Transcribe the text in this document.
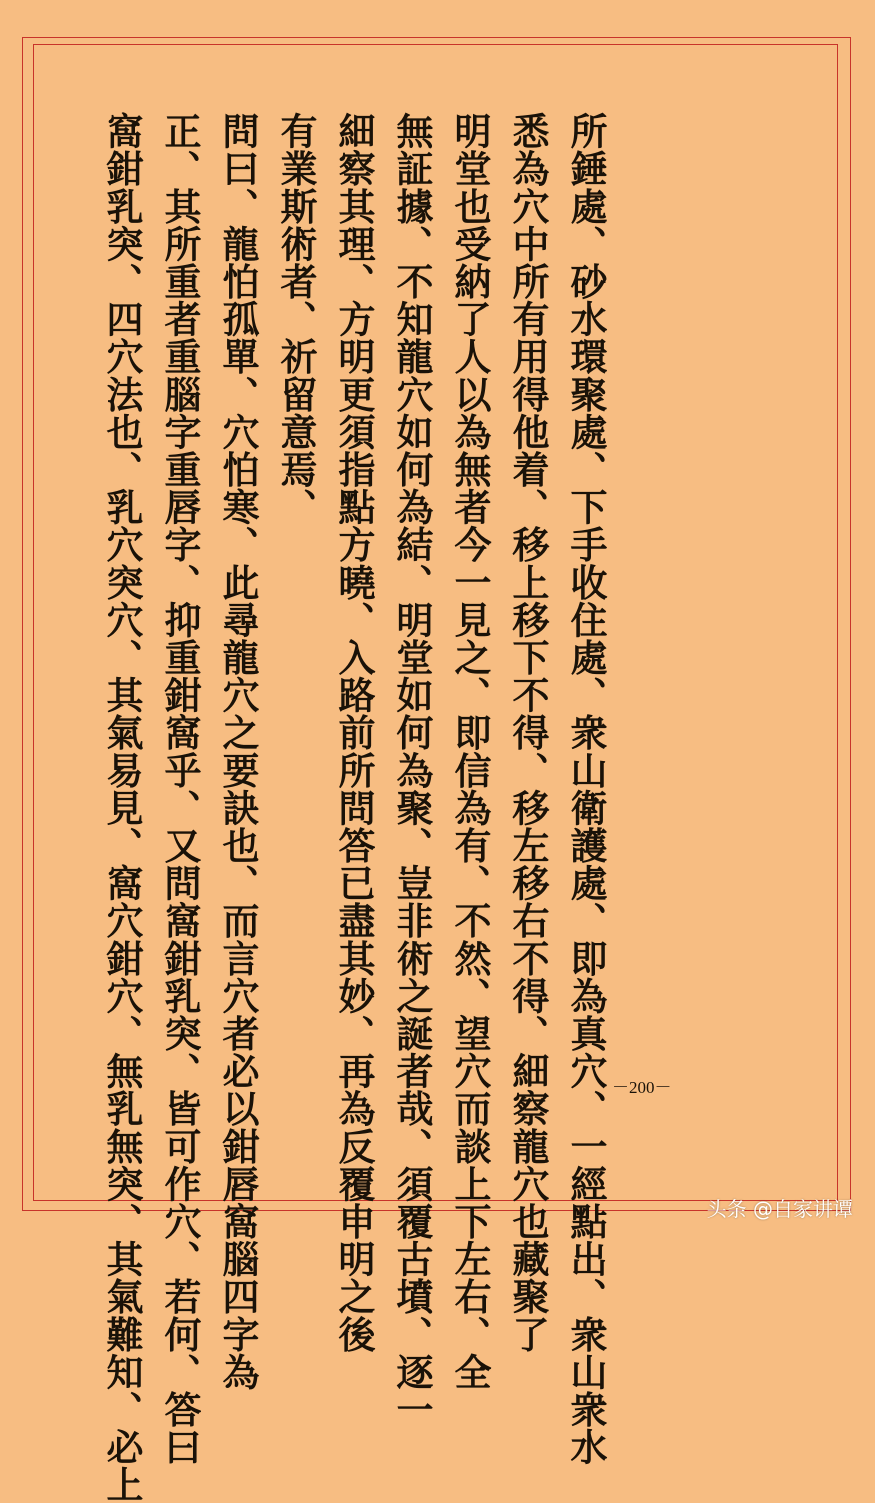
所錘處、砂水環聚處、下手收住處、衆山衛護處、即為真穴、一經點出、衆山衆水
悉為穴中所有用得他着、移上移下不得、移左移右不得、細察龍穴也藏聚了
明堂也受納了人以為無者今一見之、即信為有、不然、望穴而談上下左右、全
無証據、不知龍穴如何為結、明堂如何為聚、豈非術之誕者哉、須覆古墳、逐一
細察其理、方明更須指點方曉、入路前所問答已盡其妙、再為反覆申明之後
有業斯術者、祈留意焉、
問曰、龍怕孤單、穴怕寒、此尋龍穴之要訣也、而言穴者必以鉗唇窩腦四字為
正、其所重者重腦字重唇字、抑重鉗窩乎、又問窩鉗乳突、皆可作穴、若何、答曰
窩鉗乳突、四穴法也、乳穴突穴、其氣易見、窩穴鉗穴、無乳無突、其氣難知、必上	－200－
头条 @自家讲谭
